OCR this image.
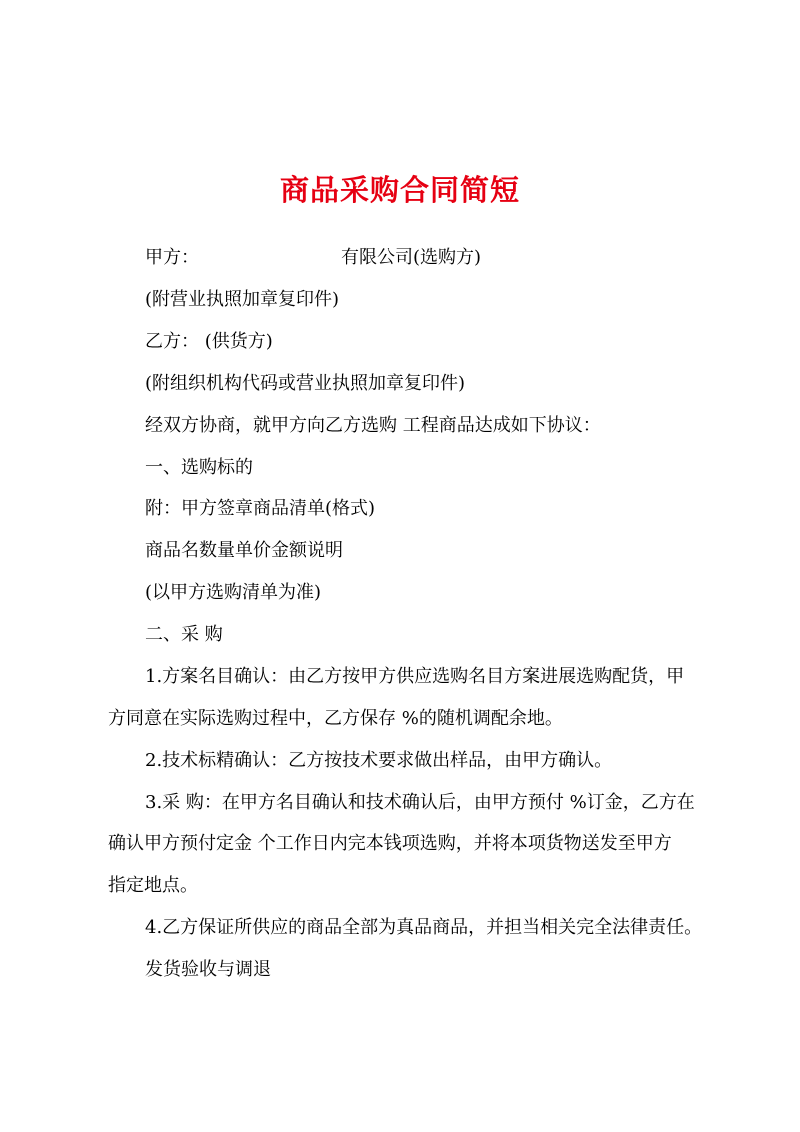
商品采购合同简短

甲方：	有限公司(选购方)

(附营业执照加章复印件)

乙方： (供货方)

(附组织机构代码或营业执照加章复印件)

经双方协商，就甲方向乙方选购 工程商品达成如下协议：

一、选购标的

附：甲方签章商品清单(格式)

商品名数量单价金额说明

(以甲方选购清单为准)

二、采 购

1.方案名目确认：由乙方按甲方供应选购名目方案进展选购配货，甲

方同意在实际选购过程中，乙方保存 %的随机调配余地。

2.技术标精确认：乙方按技术要求做出样品，由甲方确认。

3.采 购：在甲方名目确认和技术确认后，由甲方预付 %订金，乙方在

确认甲方预付定金 个工作日内完本钱项选购，并将本项货物送发至甲方

指定地点。

4.乙方保证所供应的商品全部为真品商品，并担当相关完全法律责任。

发货验收与调退
